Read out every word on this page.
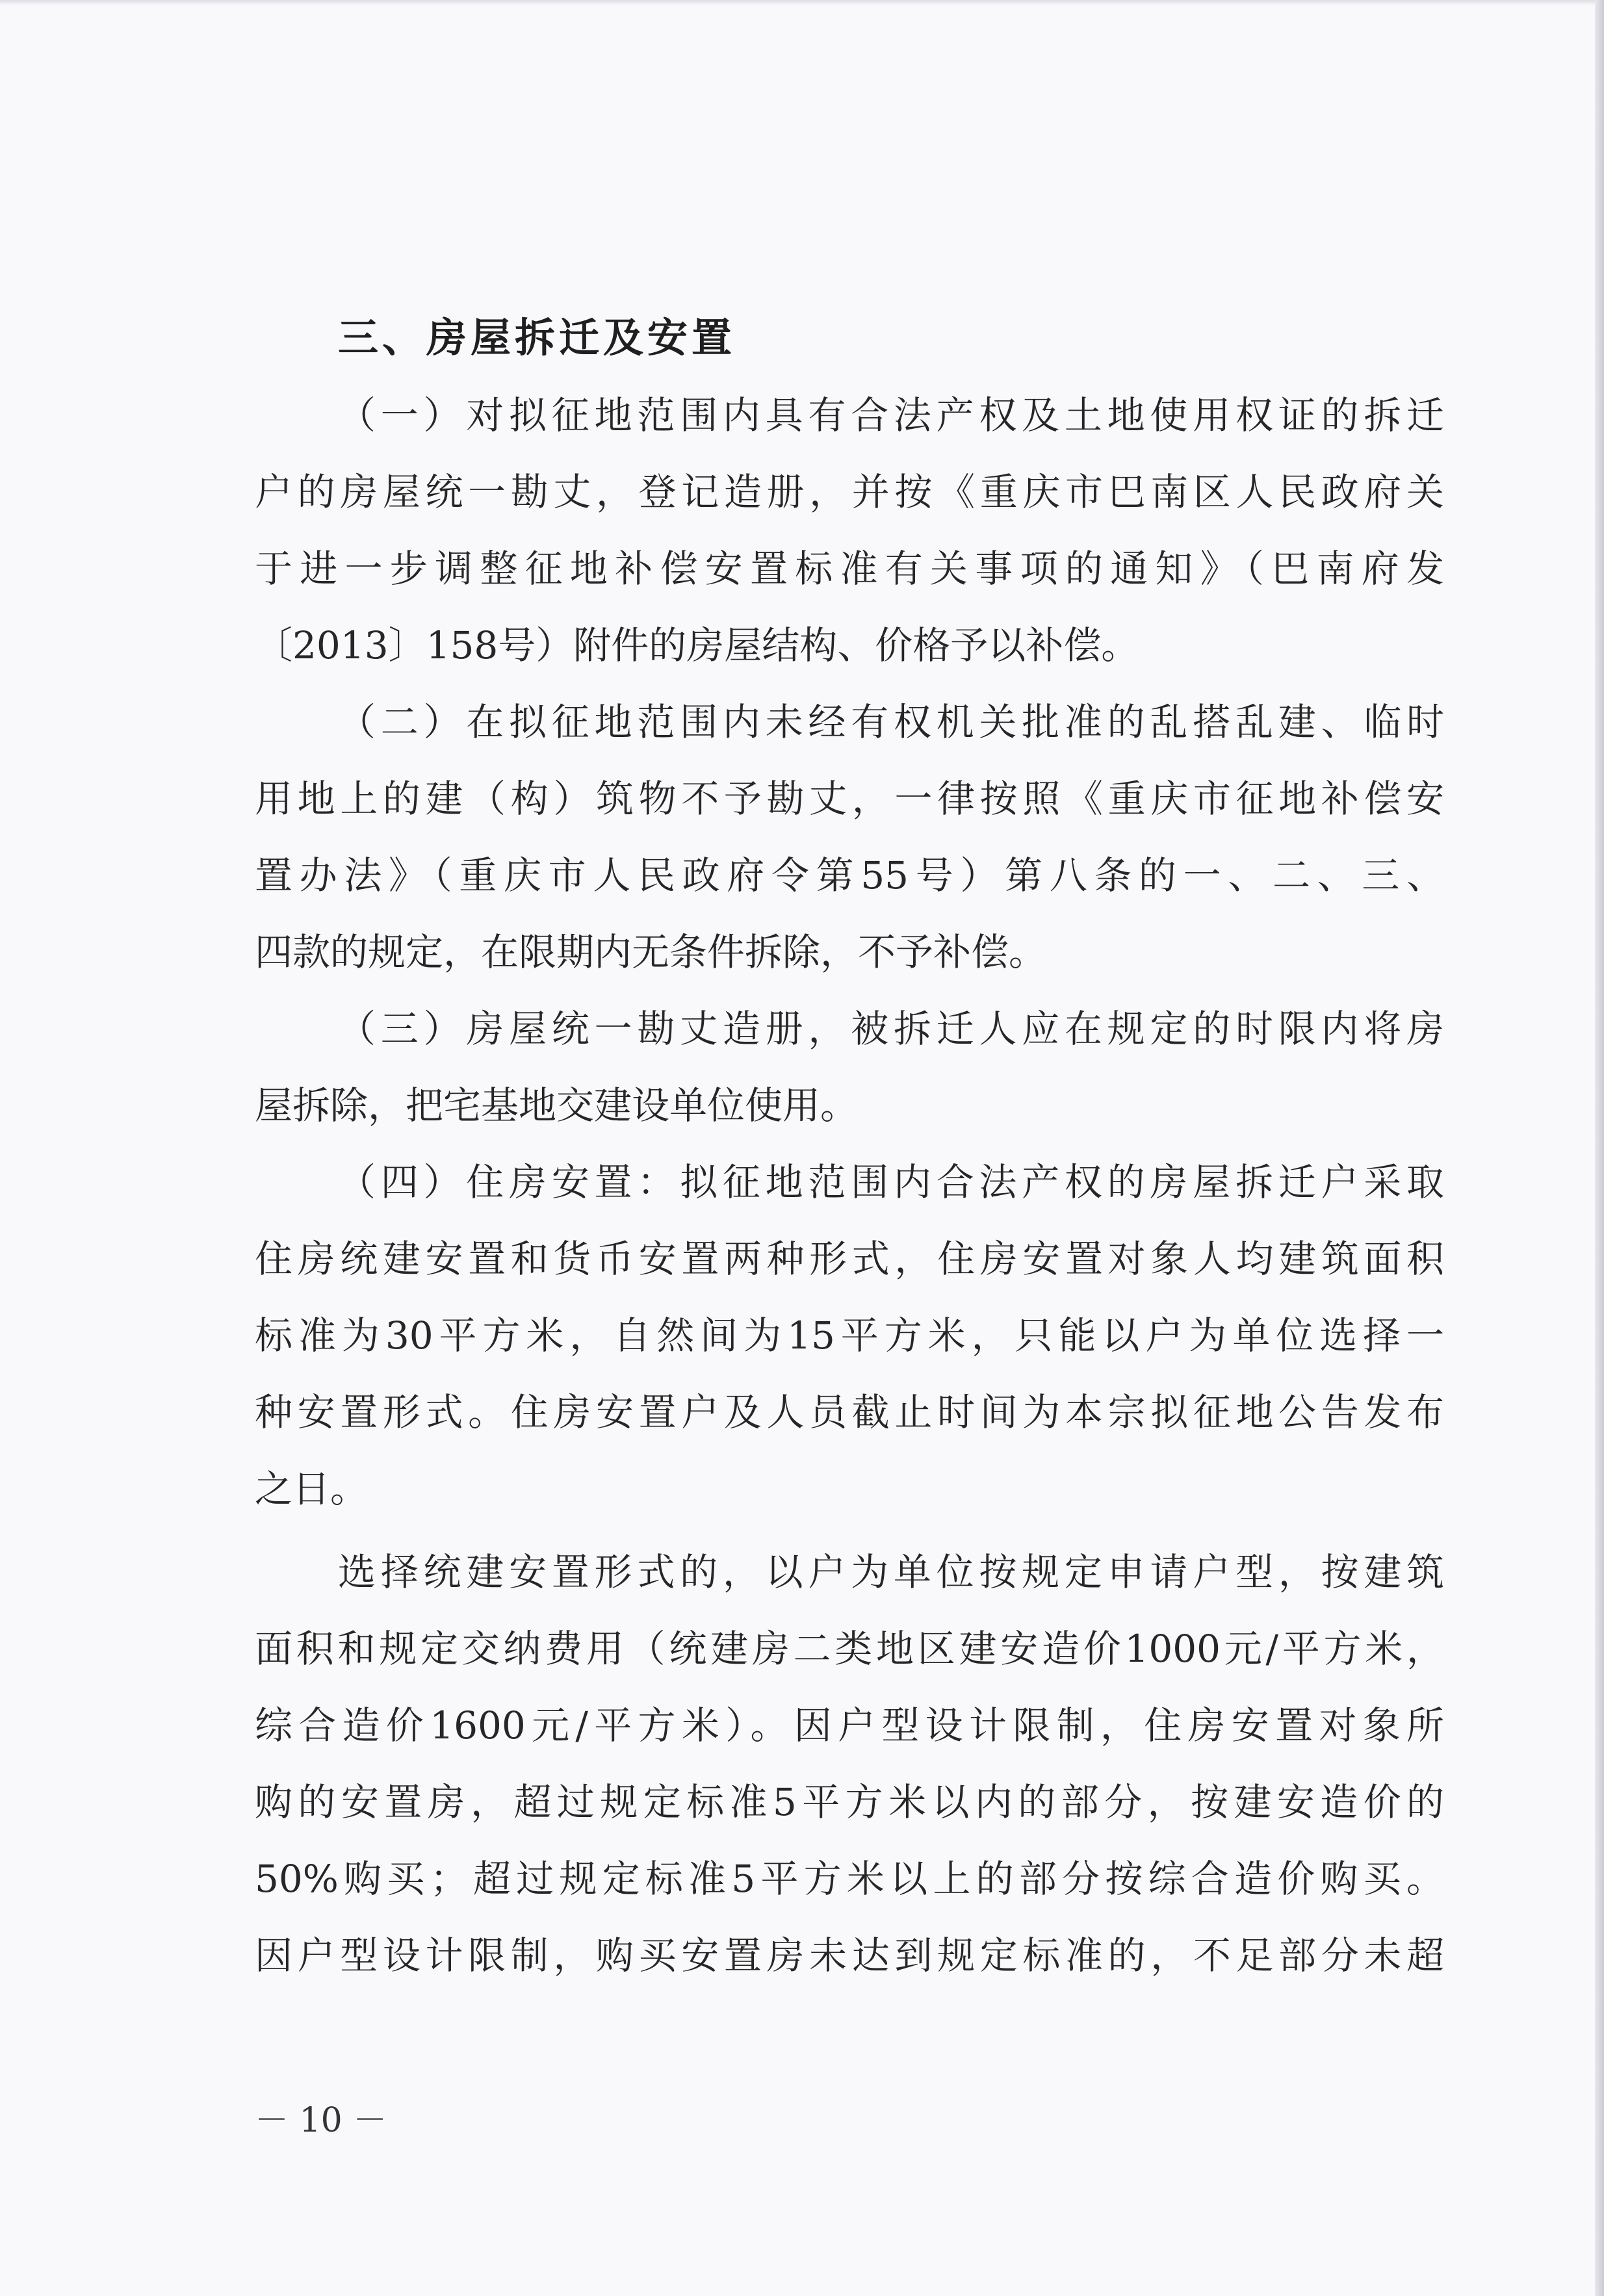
三、房屋拆迁及安置
（一）对拟征地范围内具有合法产权及土地使用权证的拆迁
户的房屋统一勘丈，登记造册，并按《重庆市巴南区人民政府关
于进一步调整征地补偿安置标准有关事项的通知》（巴南府发
〔2013〕158号）附件的房屋结构、价格予以补偿。
（二）在拟征地范围内未经有权机关批准的乱搭乱建、临时
用地上的建（构）筑物不予勘丈，一律按照《重庆市征地补偿安
置办法》（重庆市人民政府令第55号）第八条的一、二、三、
四款的规定，在限期内无条件拆除，不予补偿。
（三）房屋统一勘丈造册，被拆迁人应在规定的时限内将房
屋拆除，把宅基地交建设单位使用。
（四）住房安置：拟征地范围内合法产权的房屋拆迁户采取
住房统建安置和货币安置两种形式，住房安置对象人均建筑面积
标准为30平方米，自然间为15平方米，只能以户为单位选择一
种安置形式。住房安置户及人员截止时间为本宗拟征地公告发布
之日。
选择统建安置形式的，以户为单位按规定申请户型，按建筑
面积和规定交纳费用（统建房二类地区建安造价1000元/平方米，
综合造价1600元/平方米）。因户型设计限制，住房安置对象所
购的安置房，超过规定标准5平方米以内的部分，按建安造价的
50%购买；超过规定标准5平方米以上的部分按综合造价购买。
因户型设计限制，购买安置房未达到规定标准的，不足部分未超
－ 10 －
